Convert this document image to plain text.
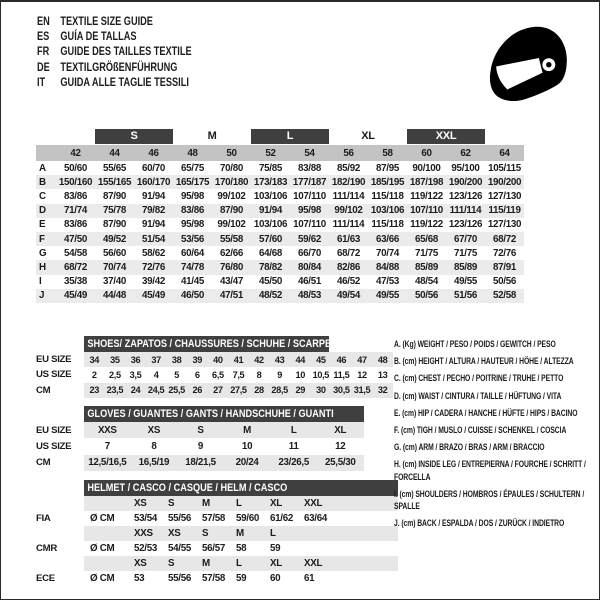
EN TEXTILE SIZE GUIDE
ES GUÍA DE TALLAS
FR GUIDE DES TAILLES TEXTILE
DE TEXTILGRÖßENFÜHRUNG
IT	GUIDA ALLE TAGLIE TESSILI
S	M	L	XL	XXL
42	44	46	48	50	52	54	56	58	60	62	64
A	50/60	55/65	60/70	65/75	70/80	75/85	83/88	85/92	87/95	90/100	95/100 105/115
B	150/160 155/165 160/170 165/175 170/180 173/183 177/187 182/190 185/195 187/198 190/200 190/200
C	83/86	87/90	91/94	95/98	99/102 103/106 107/110 111/114 115/118 119/122 123/126 127/130
D	71/74	75/78	79/82	83/86	87/90	91/94	95/98	99/102 103/106 107/110 111/114 115/119
E	83/86	87/90	91/94	95/98	99/102 103/106 107/110 111/114 115/118 119/122 123/126 127/130
F	47/50	49/52	51/54	53/56	55/58	57/60	59/62	61/63	63/66	65/68	67/70	68/72
G	54/58	56/60	58/62	60/64	62/66	64/68	66/70	68/72	70/74	71/75	71/75	72/76
H	68/72	70/74	72/76	74/78	76/80	78/82	80/84	82/86	84/88	85/89	85/89	87/91
I	35/38	37/40	39/42	41/45	43/47	45/50	46/51	46/52	47/53	48/54	49/55	50/56
J	45/49	44/48	45/49	46/50	47/51	48/52	48/53	49/54	49/55	50/56	51/56	52/58
SHOES/ ZAPATOS / CHAUSSURES / SCHUHE / SCARPE
EU SIZE	34	35	36	37	38	39	40	41	42	43	44	45	46	47	48
US SIZE	2	2,5 3,5	4	5	6	6,5 7,5	8	9	10 10,5 11,5 12	13
CM	23 23,5 24 24,5 25,5 26	27 27,5 28 28,5 29	30 30,5 31,5 32
GLOVES / GUANTES / GANTS / HANDSCHUHE / GUANTI
EU SIZE	XXS	XS	S	M	L	XL
US SIZE	7	8	9	10	11	12
CM	12,5/16,5	16,5/19	18/21,5	20/24	23/26,5	25,5/30
HELMET / CASCO / CASQUE / HELM / CASCO
XS	S	M	L	XL	XXL
FIA	Ø CM	53/54	55/56	57/58	59/60	61/62	63/64
XXS	XS	S	M	L
CMR	Ø CM	52/53	54/55	56/57	58	59
XS	S	M	L	XL	XXL
ECE	Ø CM	53	55/56	57/58	59	60	61
A. (Kg) WEIGHT / PESO / POIDS / GEWITCH / PESO
B. (cm) HEIGHT / ALTURA / HAUTEUR / HÖHE / ALTEZZA
C. (cm) CHEST / PECHO / POITRINE / TRUHE / PETTO
D. (cm) WAIST / CINTURA / TAILLE / HÜFTUNG / VITA
E. (cm) HIP / CADERA / HANCHE / HÜFTE / HIPS / BACINO
F. (cm) TIGH / MUSLO / CUISSE / SCHENKEL / COSCIA
G. (cm) ARM / BRAZO / BRAS / ARM / BRACCIO
H. (cm) INSIDE LEG / ENTREPIERNA / FOURCHE / SCHRITT / FORCELLA
I. (cm) SHOULDERS / HOMBROS / ÉPAULES / SCHULTERN / SPALLE
J. (cm) BACK / ESPALDA / DOS / ZURÜCK / INDIETRO
